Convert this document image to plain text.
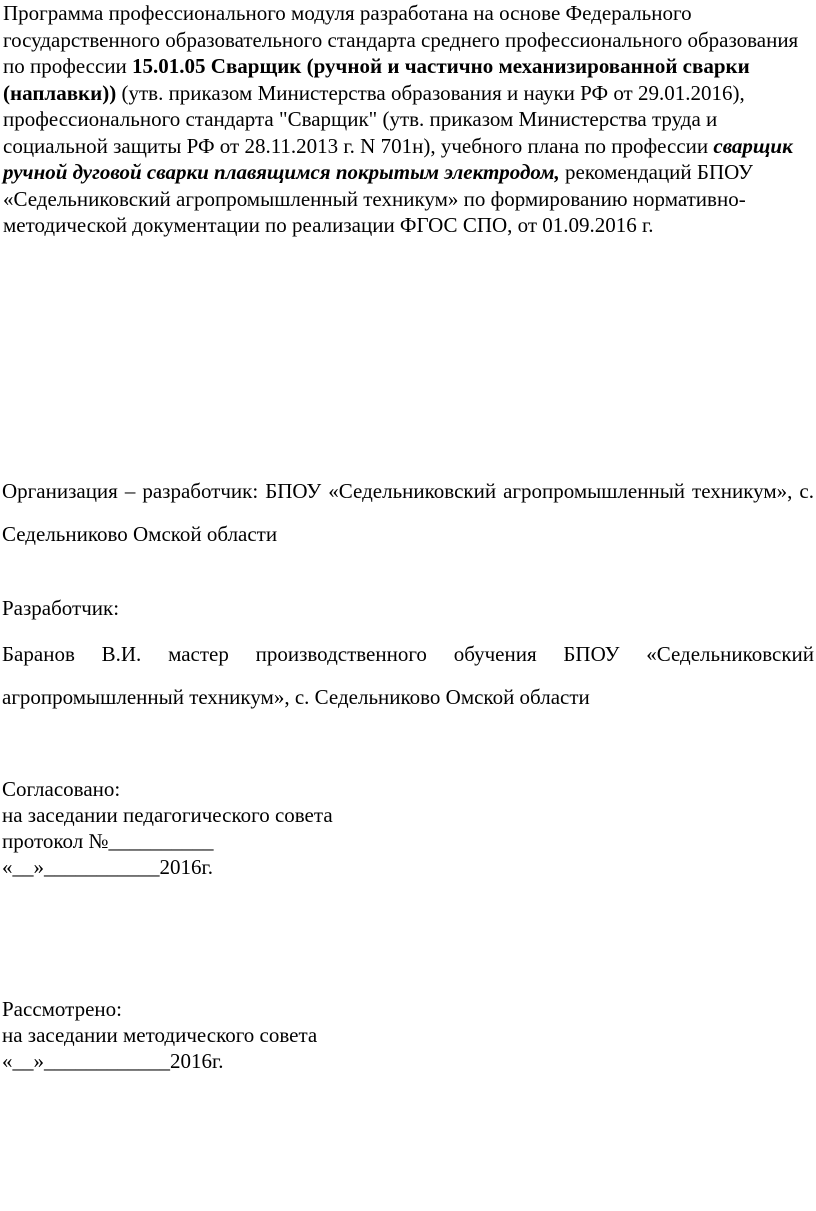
Программа профессионального модуля разработана на основе Федерального государственного образовательного стандарта среднего профессионального образования по профессии 15.01.05 Сварщик (ручной и частично механизированной сварки (наплавки)) (утв. приказом Министерства образования и науки РФ от 29.01.2016), профессионального стандарта "Сварщик" (утв. приказом Министерства труда и социальной защиты РФ от 28.11.2013 г. N 701н), учебного плана по профессии сварщик ручной дуговой сварки плавящимся покрытым электродом, рекомендаций БПОУ «Седельниковский агропромышленный техникум» по формированию нормативно-методической документации по реализации ФГОС СПО, от 01.09.2016 г.

Организация – разработчик: БПОУ «Седельниковский агропромышленный техникум», с. Седельниково Омской области

Разработчик:

Баранов В.И. мастер производственного обучения БПОУ «Седельниковский агропромышленный техникум», с. Седельниково Омской области

Согласовано:
на заседании педагогического совета
протокол №__________
«__»___________2016г.
Рассмотрено:
на заседании методического совета
«__»____________2016г.
